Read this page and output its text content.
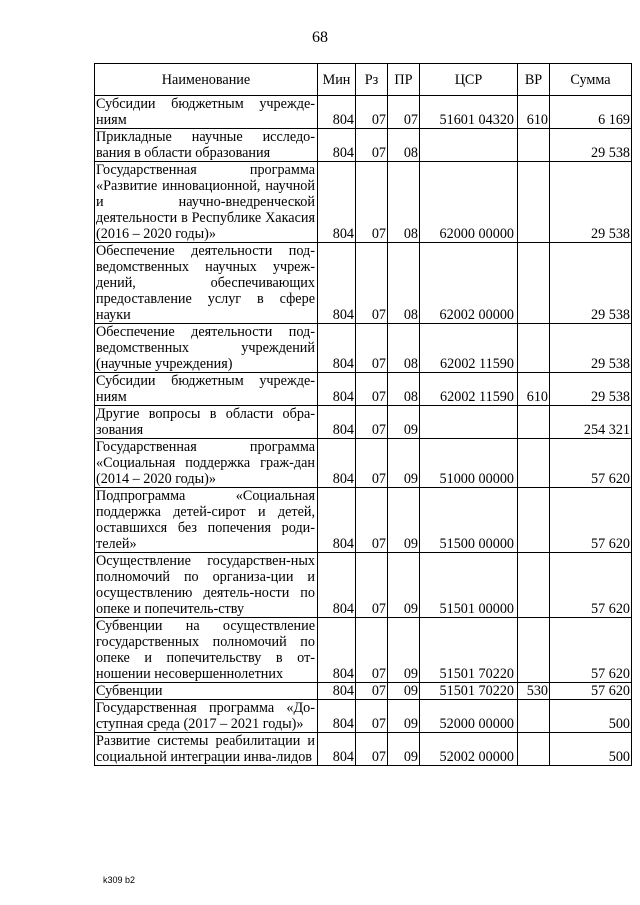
68
Наименование	Мин	Рз	ПР	ЦСР	ВР	Сумма
Субсидии бюджетным учрежде-ниям	804	07	07	51601 04320	610	6 169
Прикладные научные исследо-вания в области образования	804	07	08			29 538
Государственная программа «Развитие инновационной, научной и научно-внедренческой деятельности в Республике Хакасия (2016 – 2020 годы)»	804	07	08	62000 00000		29 538
Обеспечение деятельности под-ведомственных научных учреж-дений, обеспечивающих предоставление услуг в сфере науки	804	07	08	62002 00000		29 538
Обеспечение деятельности под-ведомственных учреждений (научные учреждения)	804	07	08	62002 11590		29 538
Субсидии бюджетным учрежде-ниям	804	07	08	62002 11590	610	29 538
Другие вопросы в области обра-зования	804	07	09			254 321
Государственная программа «Социальная поддержка граж-дан (2014 – 2020 годы)»	804	07	09	51000 00000		57 620
Подпрограмма «Социальная поддержка детей-сирот и детей, оставшихся без попечения роди-телей»	804	07	09	51500 00000		57 620
Осуществление государствен-ных полномочий по организа-ции и осуществлению деятель-ности по опеке и попечитель-ству	804	07	09	51501 00000		57 620
Субвенции на осуществление государственных полномочий по опеке и попечительству в от-ношении несовершеннолетних	804	07	09	51501 70220		57 620
Субвенции	804	07	09	51501 70220	530	57 620
Государственная программа «До-ступная среда (2017 – 2021 годы)»	804	07	09	52000 00000		500
Развитие системы реабилитации и социальной интеграции инва-лидов	804	07	09	52002 00000		500
k309 b2
